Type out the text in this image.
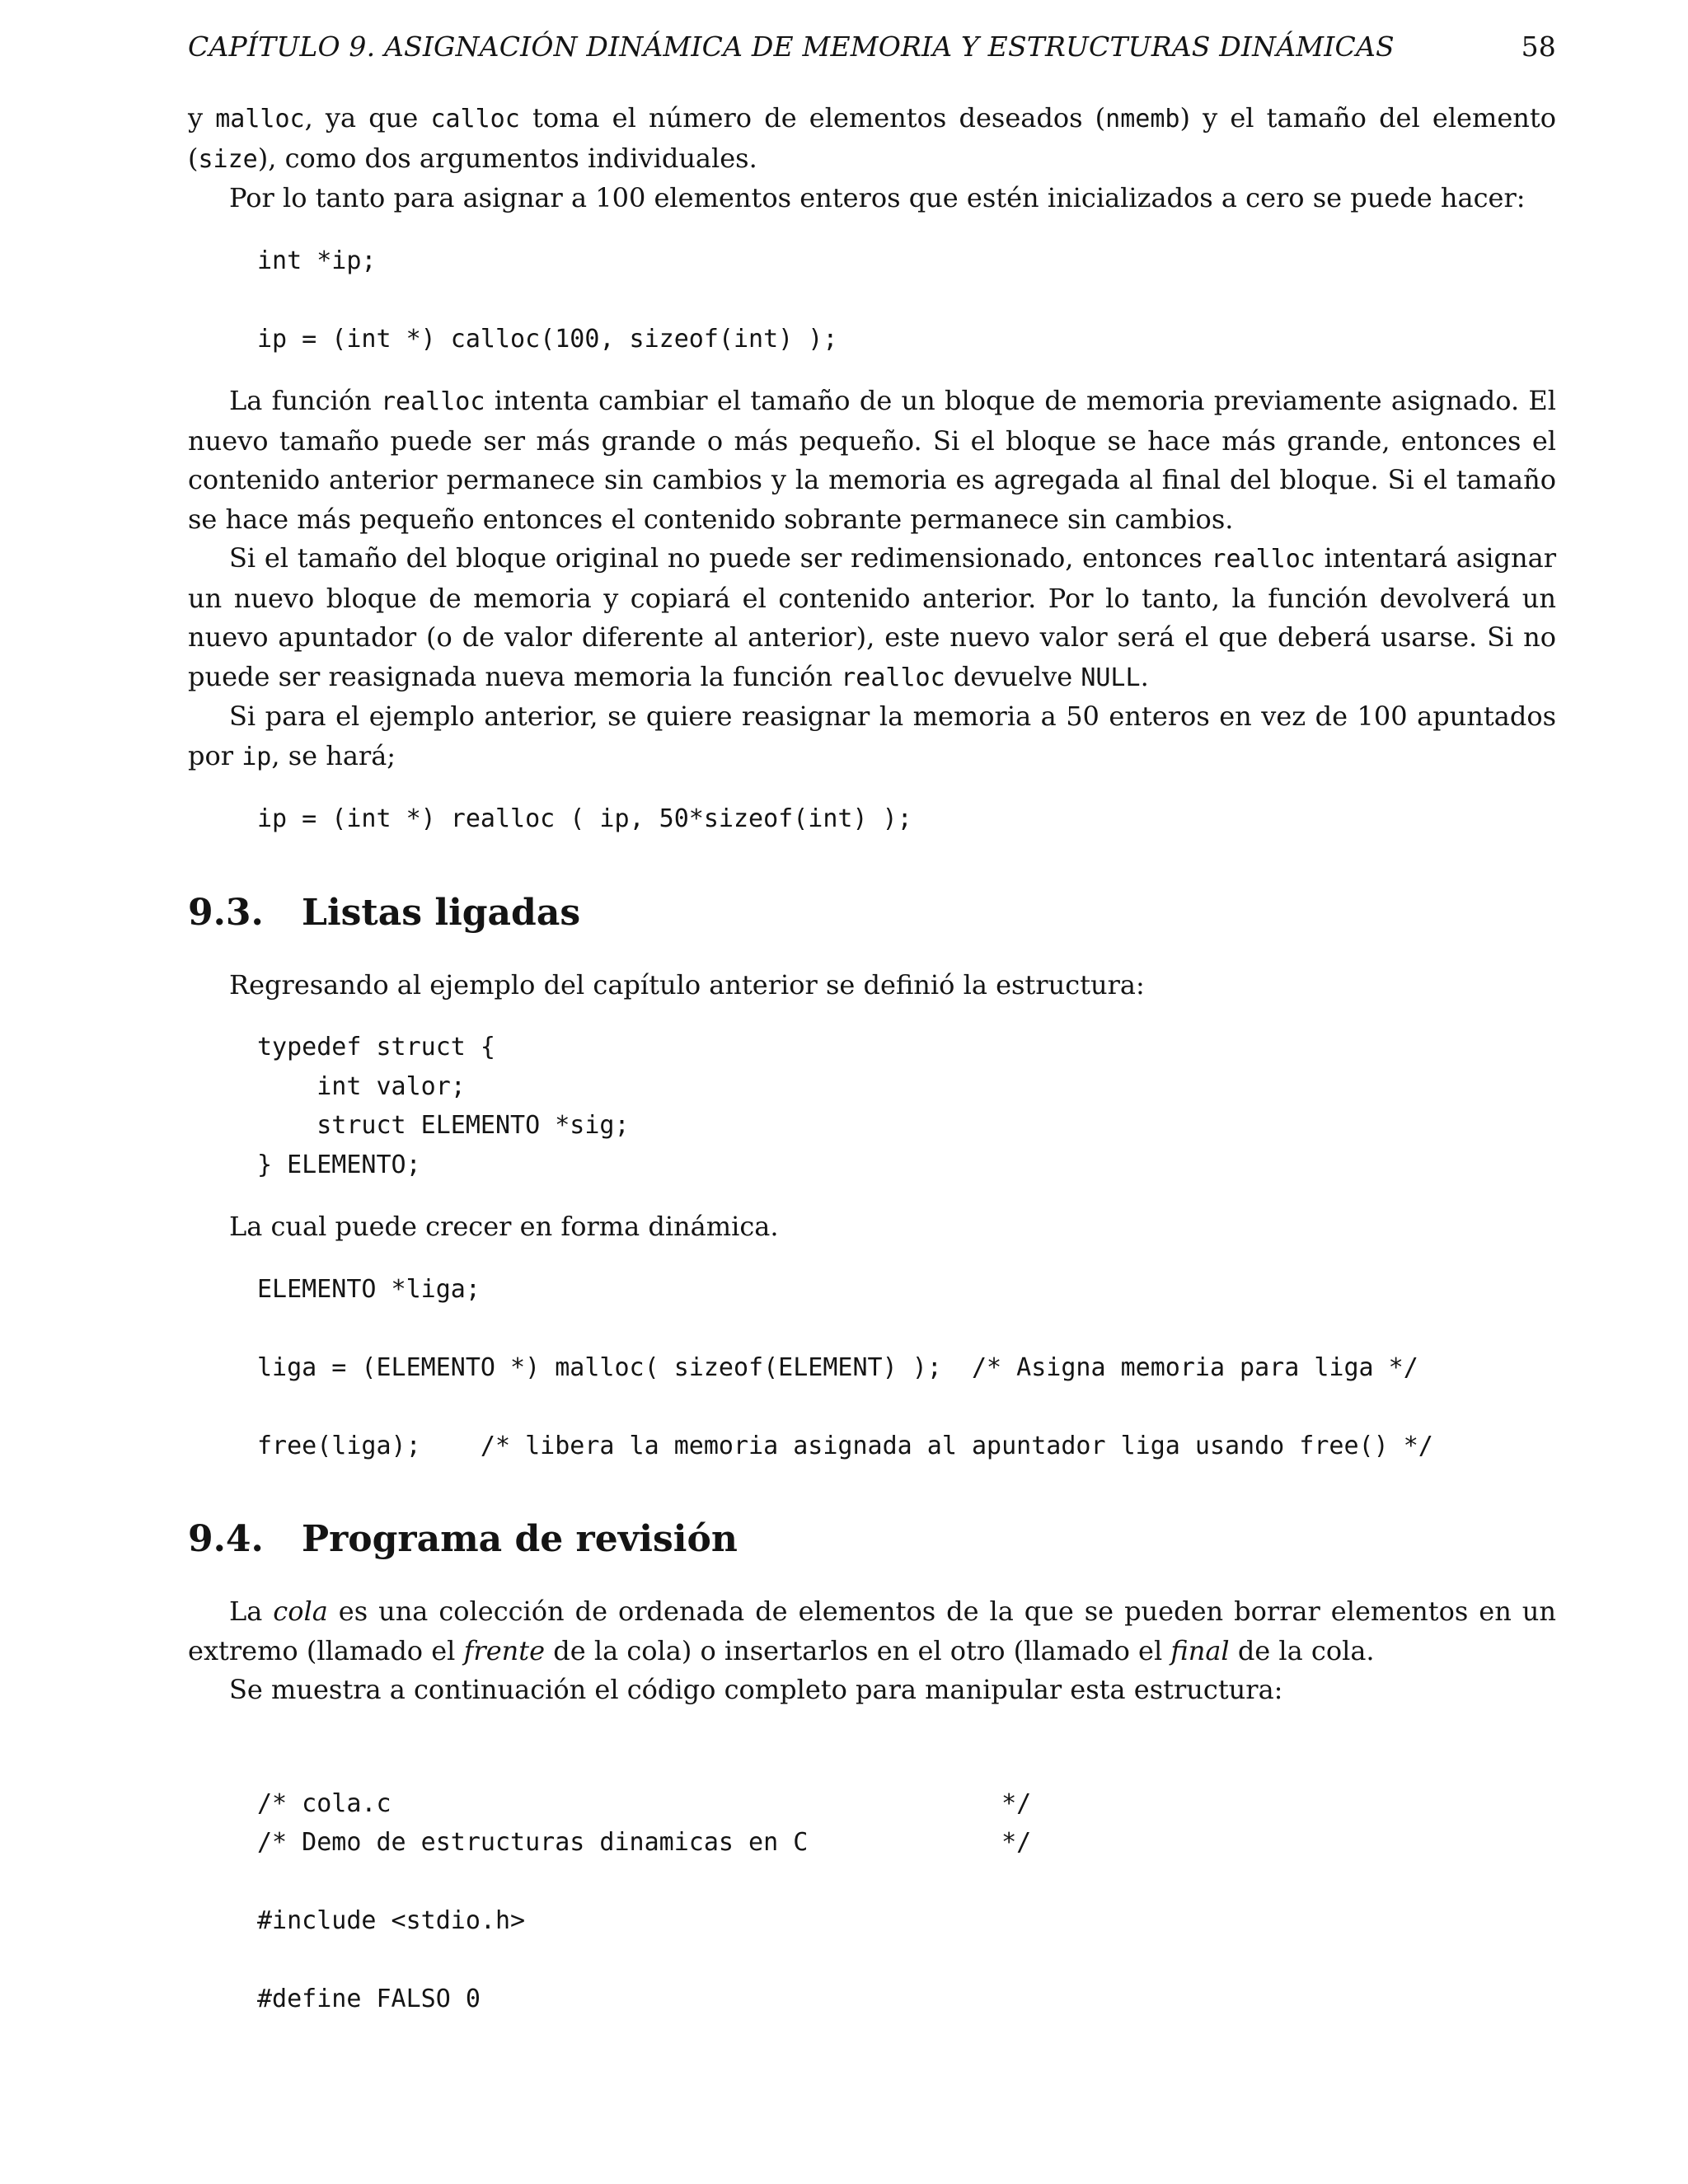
CAPÍTULO 9. ASIGNACIÓN DINÁMICA DE MEMORIA Y ESTRUCTURAS DINÁMICAS	58

y malloc, ya que calloc toma el número de elementos deseados (nmemb) y el tamaño del elemento (size), como dos argumentos individuales.

Por lo tanto para asignar a 100 elementos enteros que estén inicializados a cero se puede hacer:

int *ip;

ip = (int *) calloc(100, sizeof(int) );

La función realloc intenta cambiar el tamaño de un bloque de memoria previamente asignado. El nuevo tamaño puede ser más grande o más pequeño. Si el bloque se hace más grande, entonces el contenido anterior permanece sin cambios y la memoria es agregada al final del bloque. Si el tamaño se hace más pequeño entonces el contenido sobrante permanece sin cambios.

Si el tamaño del bloque original no puede ser redimensionado, entonces realloc intentará asignar un nuevo bloque de memoria y copiará el contenido anterior. Por lo tanto, la función devolverá un nuevo apuntador (o de valor diferente al anterior), este nuevo valor será el que deberá usarse. Si no puede ser reasignada nueva memoria la función realloc devuelve NULL.

Si para el ejemplo anterior, se quiere reasignar la memoria a 50 enteros en vez de 100 apuntados por ip, se hará;

ip = (int *) realloc ( ip, 50*sizeof(int) );
9.3.	Listas ligadas

Regresando al ejemplo del capítulo anterior se definió la estructura:

typedef struct {
int valor;
struct ELEMENTO *sig;
} ELEMENTO;

La cual puede crecer en forma dinámica.

ELEMENTO *liga;

liga = (ELEMENTO *) malloc( sizeof(ELEMENT) );  /* Asigna memoria para liga */

free(liga);    /* libera la memoria asignada al apuntador liga usando free() */
9.4.	Programa de revisión

La cola es una colección de ordenada de elementos de la que se pueden borrar elementos en un extremo (llamado el frente de la cola) o insertarlos en el otro (llamado el final de la cola.

Se muestra a continuación el código completo para manipular esta estructura:

/* cola.c                                         */
/* Demo de estructuras dinamicas en C             */

#include <stdio.h>

#define FALSO 0
